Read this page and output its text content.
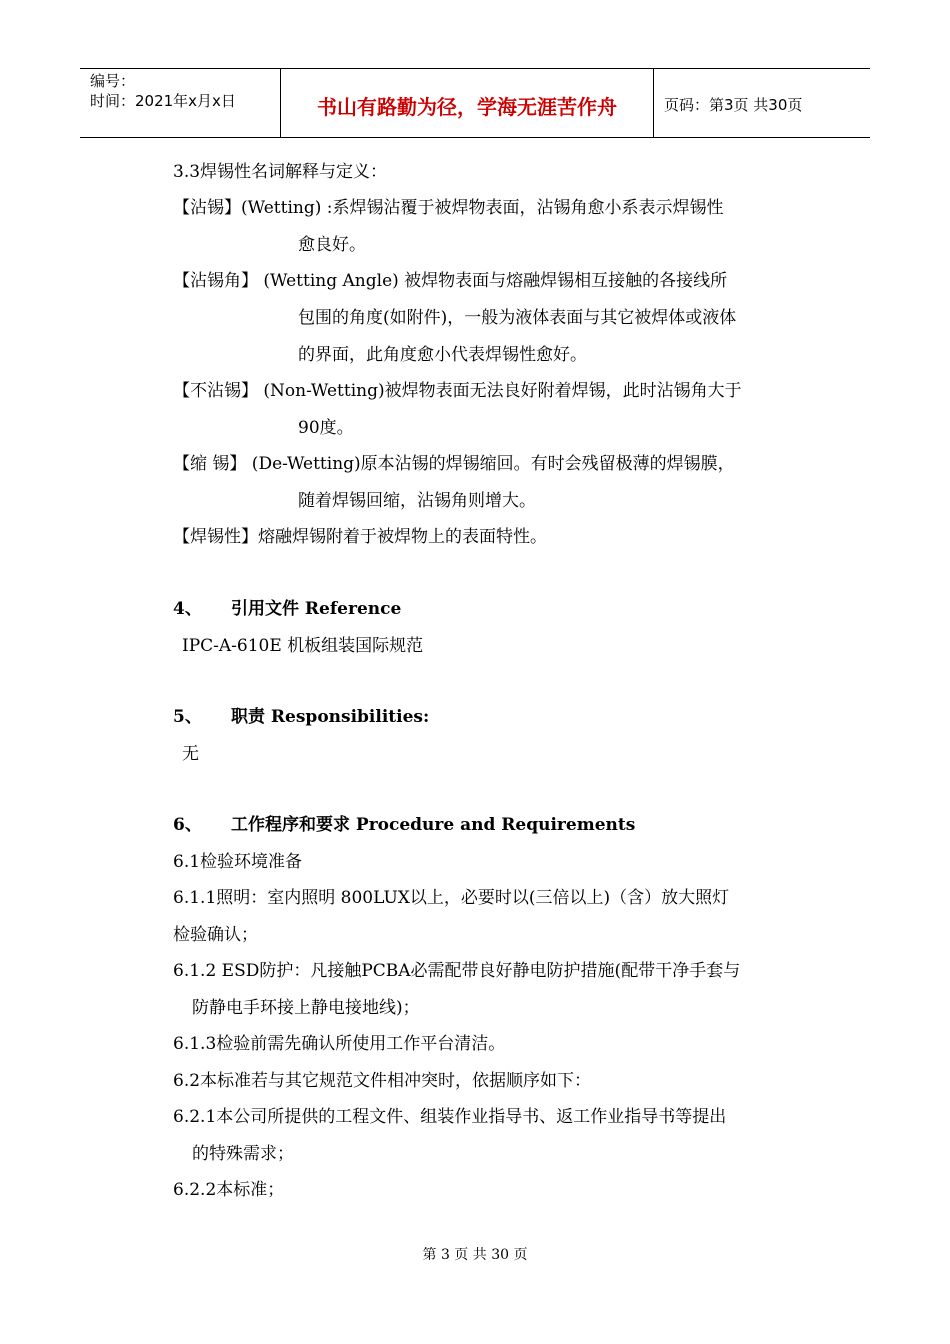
编号：
时间：2021年x月x日	书山有路勤为径，学海无涯苦作舟	页码：第3页 共30页
3.3焊锡性名词解释与定义：
【沾锡】(Wetting) :系焊锡沾覆于被焊物表面，沾锡角愈小系表示焊锡性
愈良好。
【沾锡角】 (Wetting Angle) 被焊物表面与熔融焊锡相互接触的各接线所
包围的角度(如附件)，一般为液体表面与其它被焊体或液体
的界面，此角度愈小代表焊锡性愈好。
【不沾锡】 (Non-Wetting)被焊物表面无法良好附着焊锡，此时沾锡角大于
90度。
【缩 锡】 (De-Wetting)原本沾锡的焊锡缩回。有时会残留极薄的焊锡膜，
随着焊锡回缩，沾锡角则增大。
【焊锡性】熔融焊锡附着于被焊物上的表面特性。
4、 引用文件 Reference
IPC-A-610E 机板组装国际规范
5、 职责 Responsibilities:
无
6、 工作程序和要求 Procedure and Requirements
6.1检验环境准备
6.1.1照明：室内照明 800LUX以上，必要时以(三倍以上)（含）放大照灯
检验确认；
6.1.2 ESD防护：凡接触PCBA必需配带良好静电防护措施(配带干净手套与
防静电手环接上静电接地线)；
6.1.3检验前需先确认所使用工作平台清洁。
6.2本标准若与其它规范文件相冲突时，依据顺序如下：
6.2.1本公司所提供的工程文件、组装作业指导书、返工作业指导书等提出
的特殊需求；
6.2.2本标准；
第 3 页 共 30 页
